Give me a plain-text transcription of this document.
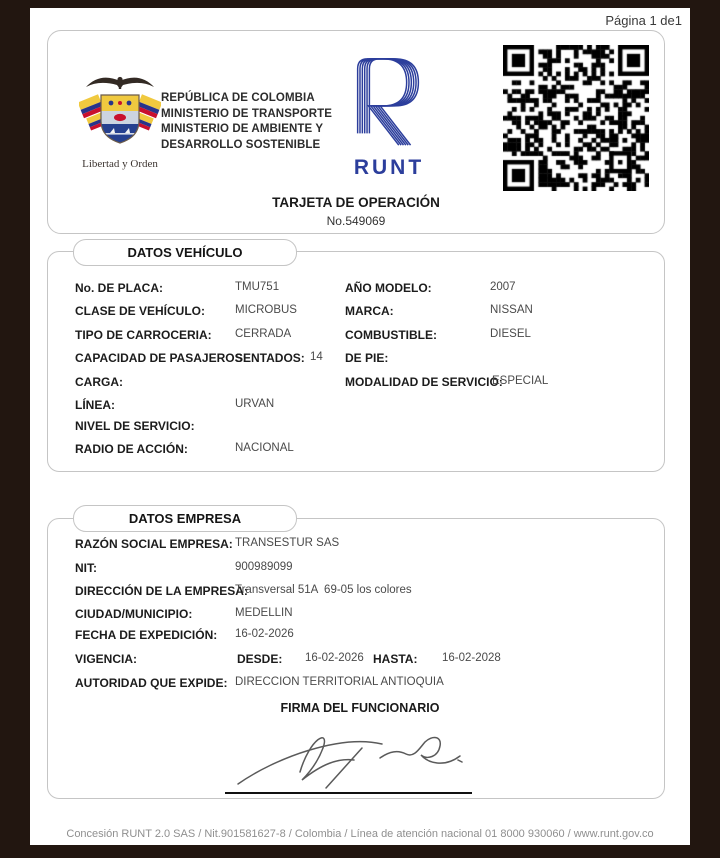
Página 1 de1
Libertad y Orden
REPÚBLICA DE COLOMBIA
MINISTERIO DE TRANSPORTE
MINISTERIO DE AMBIENTE Y
DESARROLLO SOSTENIBLE
RUNT
TARJETA DE OPERACIÓN
No.549069
DATOS VEHÍCULO
No. DE PLACA:	TMU751	AÑO MODELO:	2007
CLASE DE VEHÍCULO:	MICROBUS	MARCA:	NISSAN
TIPO DE CARROCERIA: CERRADA	COMBUSTIBLE:	DIESEL
CAPACIDAD DE PASAJEROS:
SENTADOS: 14 DE PIE:
CARGA:	MODALIDAD DE SERVICIO:
ESPECIAL
LÍNEA:	URVAN
NIVEL DE SERVICIO:
RADIO DE ACCIÓN:	NACIONAL
DATOS EMPRESA
RAZÓN SOCIAL EMPRESA: TRANSESTUR SAS
NIT:	900989099
DIRECCIÓN DE LA EMPRESA:
Transversal 51A  69-05 los colores
CIUDAD/MUNICIPIO:	MEDELLIN
FECHA DE EXPEDICIÓN: 16-02-2026
VIGENCIA:	DESDE: 16-02-2026 HASTA: 16-02-2028
AUTORIDAD QUE EXPIDE: DIRECCION TERRITORIAL ANTIOQUIA
FIRMA DEL FUNCIONARIO
Concesión RUNT 2.0 SAS / Nit.901581627-8 / Colombia / Línea de atención nacional 01 8000 930060 / www.runt.gov.co
